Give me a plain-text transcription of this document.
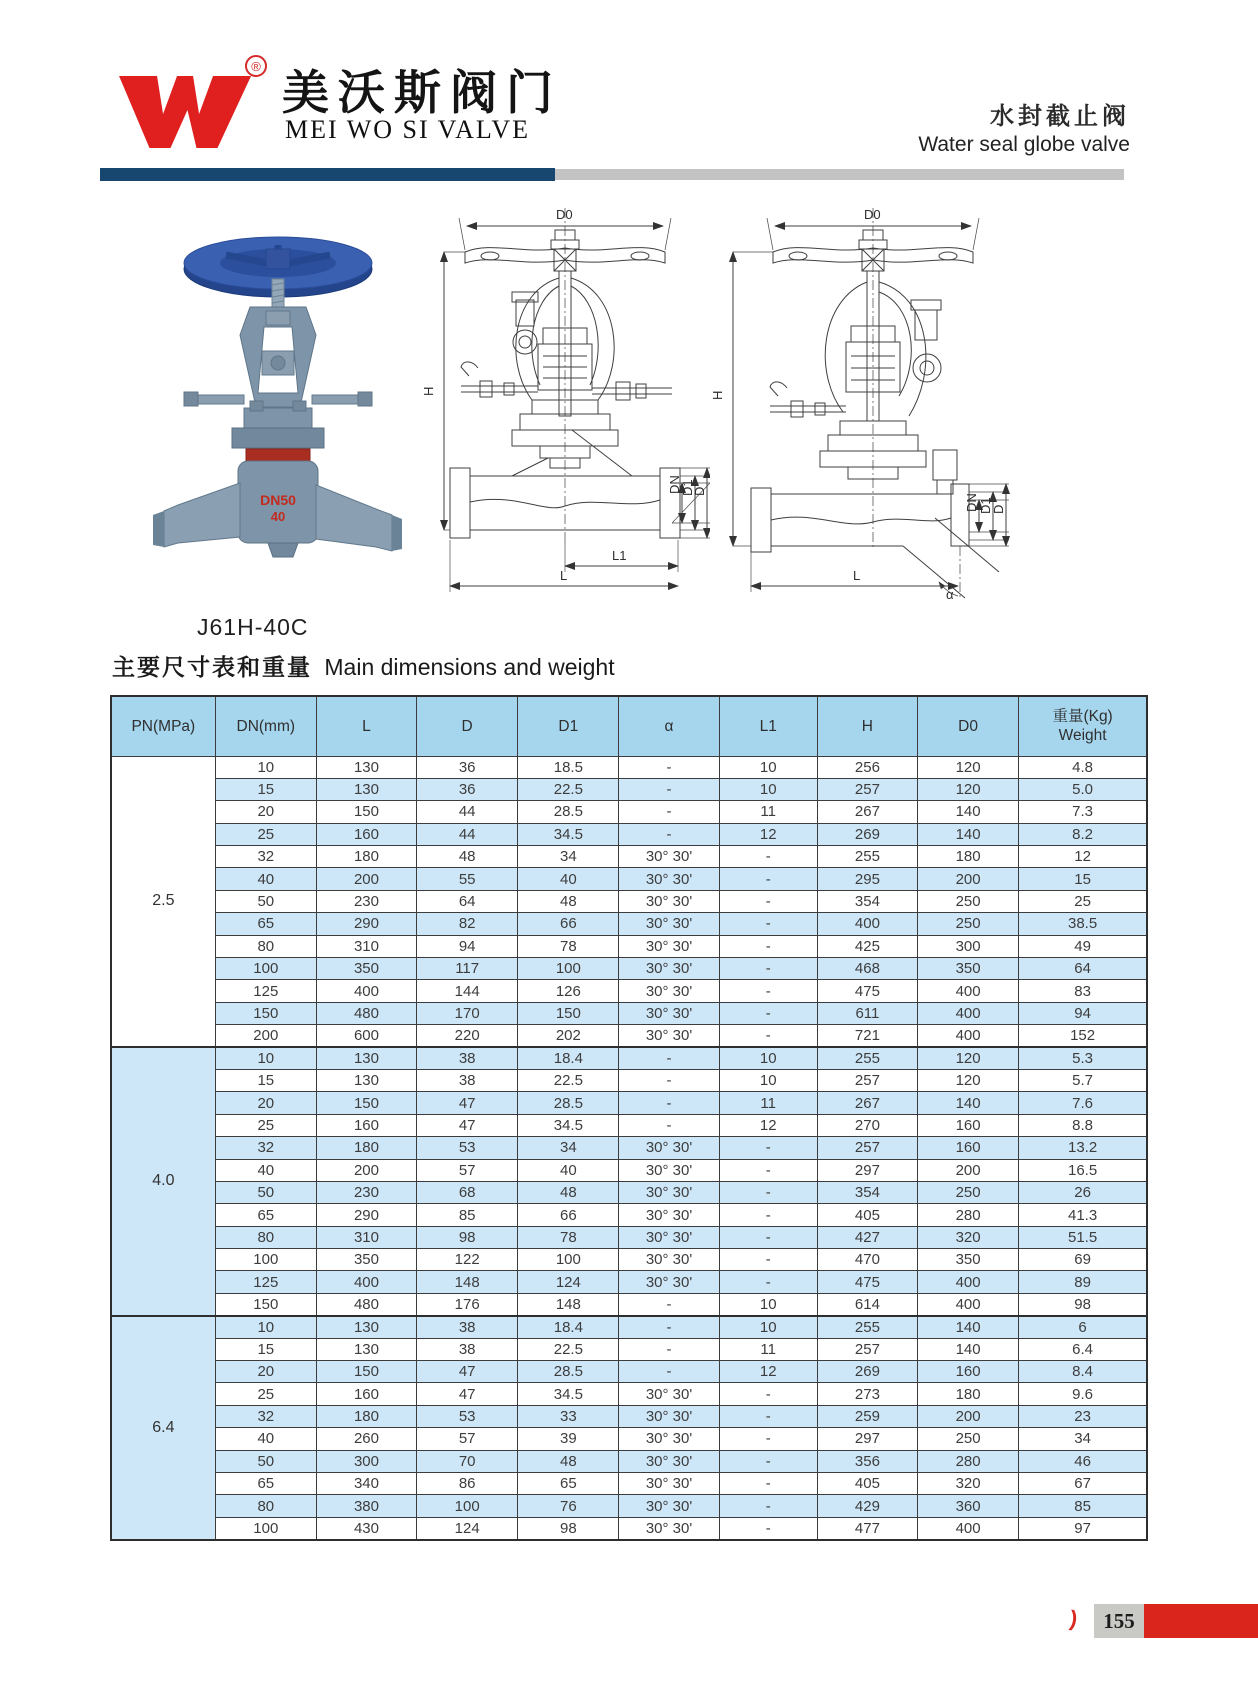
® 美沃斯阀门
MEI WO SI VALVE	水封截止阀
Water seal globe valve
DN50
40
J61H-40C
D0
H
DN
D1
D
L1
L
D0
H
DN D1
D
α
L
主要尺寸表和重量 Main dimensions and weight
PN(MPa)	DN(mm)	L	D	D1	α	L1	H	D0	重量(Kg)
Weight
2.5	10	130	36	18.5	-	10	256	120	4.8
	15	130	36	22.5	-	10	257	120	5.0
	20	150	44	28.5	-	11	267	140	7.3
	25	160	44	34.5	-	12	269	140	8.2
	32	180	48	34	30° 30'	-	255	180	12
	40	200	55	40	30° 30'	-	295	200	15
	50	230	64	48	30° 30'	-	354	250	25
	65	290	82	66	30° 30'	-	400	250	38.5
	80	310	94	78	30° 30'	-	425	300	49
	100	350	117	100	30° 30'	-	468	350	64
	125	400	144	126	30° 30'	-	475	400	83
	150	480	170	150	30° 30'	-	611	400	94
	200	600	220	202	30° 30'	-	721	400	152
4.0	10	130	38	18.4	-	10	255	120	5.3
	15	130	38	22.5	-	10	257	120	5.7
	20	150	47	28.5	-	11	267	140	7.6
	25	160	47	34.5	-	12	270	160	8.8
	32	180	53	34	30° 30'	-	257	160	13.2
	40	200	57	40	30° 30'	-	297	200	16.5
	50	230	68	48	30° 30'	-	354	250	26
	65	290	85	66	30° 30'	-	405	280	41.3
	80	310	98	78	30° 30'	-	427	320	51.5
	100	350	122	100	30° 30'	-	470	350	69
	125	400	148	124	30° 30'	-	475	400	89
	150	480	176	148	-	10	614	400	98
6.4	10	130	38	18.4	-	10	255	140	6
	15	130	38	22.5	-	11	257	140	6.4
	20	150	47	28.5	-	12	269	160	8.4
	25	160	47	34.5	30° 30'	-	273	180	9.6
	32	180	53	33	30° 30'	-	259	200	23
	40	260	57	39	30° 30'	-	297	250	34
	50	300	70	48	30° 30'	-	356	280	46
	65	340	86	65	30° 30'	-	405	320	67
	80	380	100	76	30° 30'	-	429	360	85
	100	430	124	98	30° 30'	-	477	400	97
)	155
